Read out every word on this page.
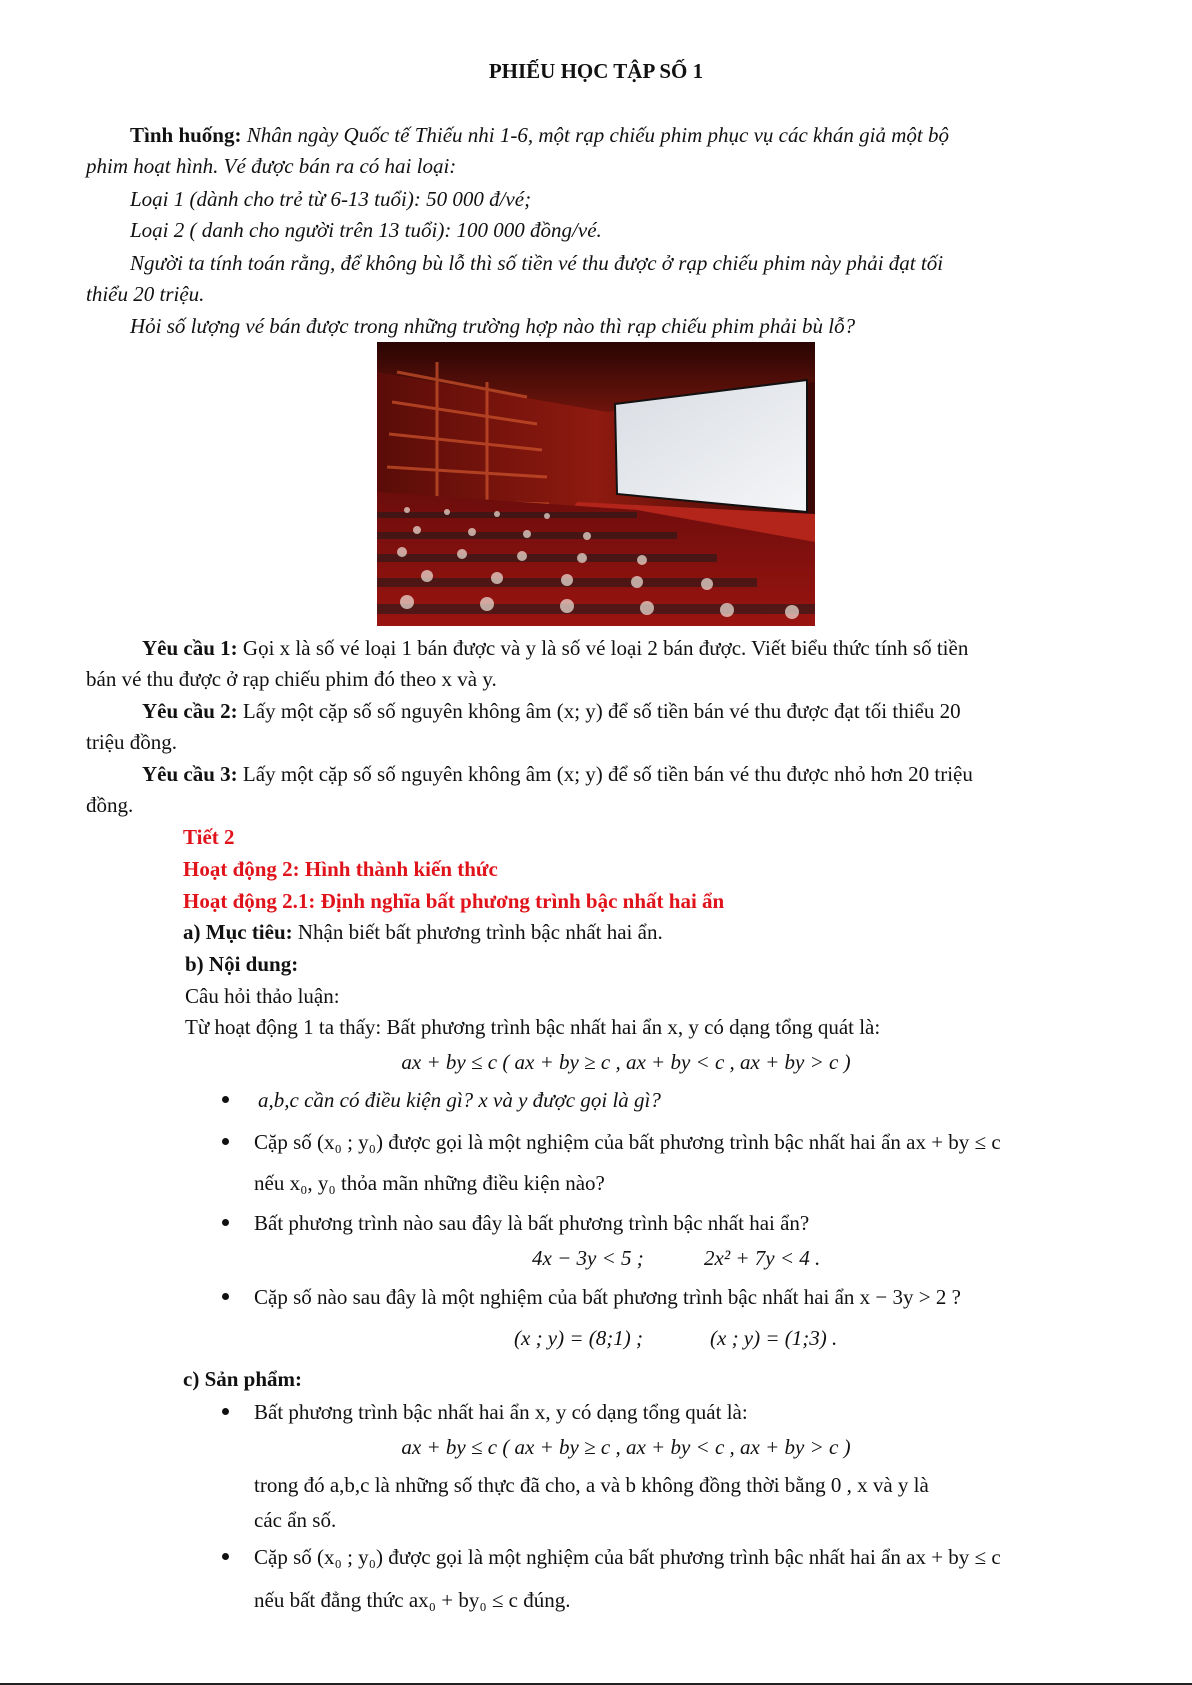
PHIẾU HỌC TẬP SỐ 1
Tình huống: Nhân ngày Quốc tế Thiếu nhi 1-6, một rạp chiếu phim phục vụ các khán giả một bộ
phim hoạt hình. Vé được bán ra có hai loại:
Loại 1 (dành cho trẻ từ 6-13 tuổi): 50 000 đ/vé;
Loại 2 ( danh cho người trên 13 tuổi): 100 000 đồng/vé.
Người ta tính toán rằng, để không bù lỗ thì số tiền vé thu được ở rạp chiếu phim này phải đạt tối
thiểu 20 triệu.
Hỏi số lượng vé bán được trong những trường hợp nào thì rạp chiếu phim phải bù lỗ?
Yêu cầu 1: Gọi x là số vé loại 1 bán được và y là số vé loại 2 bán được. Viết biểu thức tính số tiền
bán vé thu được ở rạp chiếu phim đó theo x và y.
Yêu cầu 2: Lấy một cặp số số nguyên không âm (x; y) để số tiền bán vé thu được đạt tối thiểu 20
triệu đồng.
Yêu cầu 3: Lấy một cặp số số nguyên không âm (x; y) để số tiền bán vé thu được nhỏ hơn 20 triệu
đồng.
Tiết 2
Hoạt động 2: Hình thành kiến thức
Hoạt động 2.1: Định nghĩa bất phương trình bậc nhất hai ẩn
a) Mục tiêu: Nhận biết bất phương trình bậc nhất hai ẩn.
b) Nội dung:
Câu hỏi thảo luận:
Từ hoạt động 1 ta thấy: Bất phương trình bậc nhất hai ẩn x, y có dạng tổng quát là:
ax + by ≤ c ( ax + by ≥ c , ax + by < c , ax + by > c )
a,b,c cần có điều kiện gì? x và y được gọi là gì?
Cặp số (x₀ ; y₀) được gọi là một nghiệm của bất phương trình bậc nhất hai ẩn ax + by ≤ c
nếu x₀, y₀ thỏa mãn những điều kiện nào?
Bất phương trình nào sau đây là bất phương trình bậc nhất hai ẩn?
4x − 3y < 5 ;	2x² + 7y < 4 .
Cặp số nào sau đây là một nghiệm của bất phương trình bậc nhất hai ẩn x − 3y > 2 ?
(x ; y) = (8;1) ;	(x ; y) = (1;3) .
c) Sản phẩm:
Bất phương trình bậc nhất hai ẩn x, y có dạng tổng quát là:
ax + by ≤ c ( ax + by ≥ c , ax + by < c , ax + by > c )
trong đó a,b,c là những số thực đã cho, a và b không đồng thời bằng 0 , x và y là
các ẩn số.
Cặp số (x₀ ; y₀) được gọi là một nghiệm của bất phương trình bậc nhất hai ẩn ax + by ≤ c
nếu bất đẳng thức ax₀ + by₀ ≤ c đúng.
